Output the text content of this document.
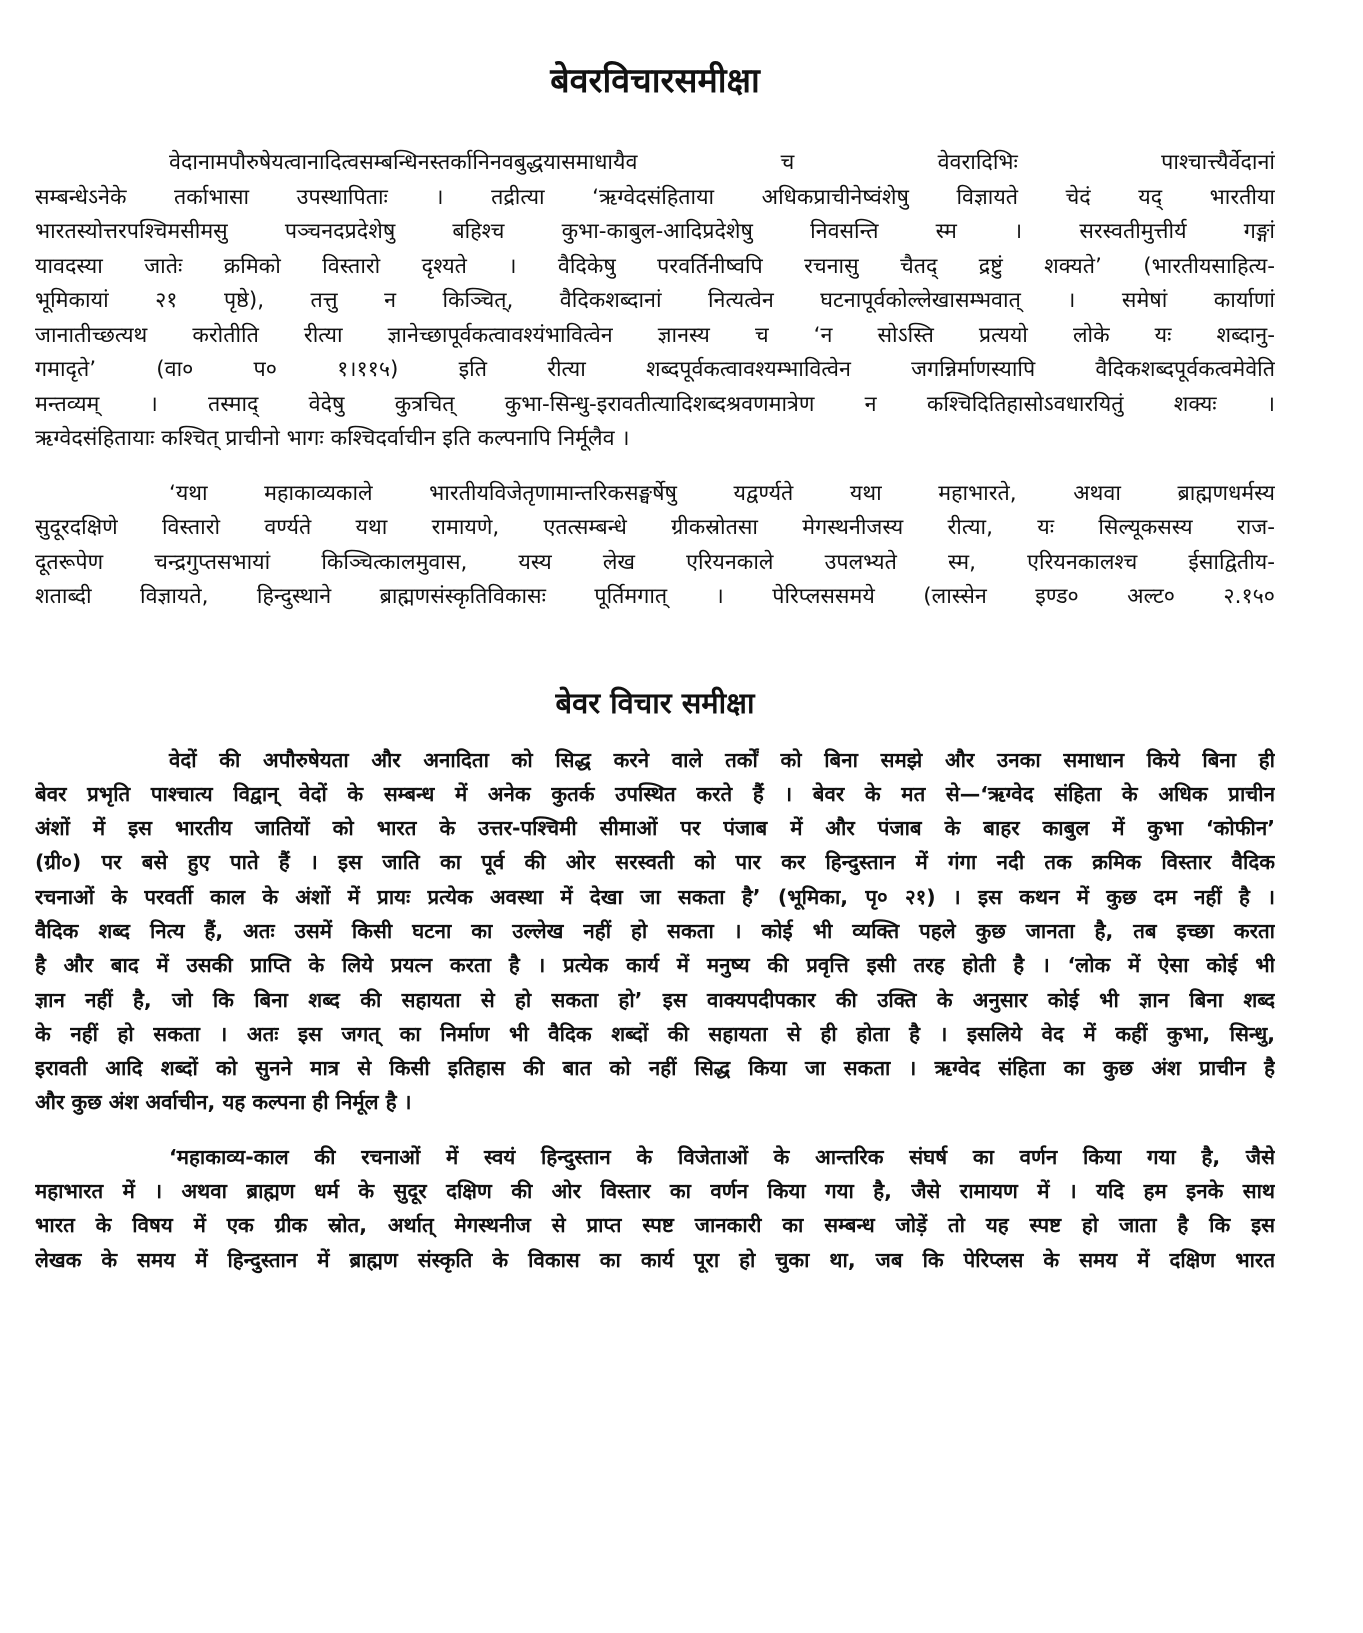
बेवरविचारसमीक्षा
वेदानामपौरुषेयत्वानादित्वसम्बन्धिनस्तर्कानिनवबुद्धयासमाधायैव च वेवरादिभिः पाश्चात्त्यैर्वेदानां
सम्बन्धेऽनेके तर्काभासा उपस्थापिताः । तद्रीत्या ‘ऋग्वेदसंहिताया अधिकप्राचीनेष्वंशेषु विज्ञायते चेदं यद् भारतीया
भारतस्योत्तरपश्चिमसीमसु पञ्चनदप्रदेशेषु बहिश्च कुभा-काबुल-आदिप्रदेशेषु निवसन्ति स्म । सरस्वतीमुत्तीर्य गङ्गां
यावदस्या जातेः क्रमिको विस्तारो दृश्यते । वैदिकेषु परवर्तिनीष्वपि रचनासु चैतद् द्रष्टुं शक्यते’ (भारतीयसाहित्य-
भूमिकायां २१ पृष्ठे), तत्तु न किञ्चित्, वैदिकशब्दानां नित्यत्वेन घटनापूर्वकोल्लेखासम्भवात् । समेषां कार्याणां
जानातीच्छत्यथ करोतीति रीत्या ज्ञानेच्छापूर्वकत्वावश्यंभावित्वेन ज्ञानस्य च ‘न सोऽस्ति प्रत्ययो लोके यः शब्दानु-
गमादृते’ (वा० प० १।११५) इति रीत्या शब्दपूर्वकत्वावश्यम्भावित्वेन जगन्निर्माणस्यापि वैदिकशब्दपूर्वकत्वमेवेति
मन्तव्यम् । तस्माद् वेदेषु कुत्रचित् कुभा-सिन्धु-इरावतीत्यादिशब्दश्रवणमात्रेण न कश्चिदितिहासोऽवधारयितुं शक्यः ।
ऋग्वेदसंहितायाः कश्चित् प्राचीनो भागः कश्चिदर्वाचीन इति कल्पनापि निर्मूलैव ।
‘यथा महाकाव्यकाले भारतीयविजेतृणामान्तरिकसङ्घर्षेषु यद्वर्ण्यते यथा महाभारते, अथवा ब्राह्मणधर्मस्य
सुदूरदक्षिणे विस्तारो वर्ण्यते यथा रामायणे, एतत्सम्बन्धे ग्रीकस्रोतसा मेगस्थनीजस्य रीत्या, यः सिल्यूकसस्य राज-
दूतरूपेण चन्द्रगुप्तसभायां किञ्चित्कालमुवास, यस्य लेख एरियनकाले उपलभ्यते स्म, एरियनकालश्च ईसाद्वितीय-
शताब्दी विज्ञायते, हिन्दुस्थाने ब्राह्मणसंस्कृतिविकासः पूर्तिमगात् । पेरिप्लससमये (लास्सेन इण्ड० अल्ट० २.१५०
बेवर विचार समीक्षा
वेदों की अपौरुषेयता और अनादिता को सिद्ध करने वाले तर्कों को बिना समझे और उनका समाधान किये बिना ही
बेवर प्रभृति पाश्चात्य विद्वान् वेदों के सम्बन्ध में अनेक कुतर्क उपस्थित करते हैं । बेवर के मत से—‘ऋग्वेद संहिता के अधिक प्राचीन
अंशों में इस भारतीय जातियों को भारत के उत्तर-पश्चिमी सीमाओं पर पंजाब में और पंजाब के बाहर काबुल में कुभा ‘कोफीन’
(ग्री०) पर बसे हुए पाते हैं । इस जाति का पूर्व की ओर सरस्वती को पार कर हिन्दुस्तान में गंगा नदी तक क्रमिक विस्तार वैदिक
रचनाओं के परवर्ती काल के अंशों में प्रायः प्रत्येक अवस्था में देखा जा सकता है’ (भूमिका, पृ० २१) । इस कथन में कुछ दम नहीं है ।
वैदिक शब्द नित्य हैं, अतः उसमें किसी घटना का उल्लेख नहीं हो सकता । कोई भी व्यक्ति पहले कुछ जानता है, तब इच्छा करता
है और बाद में उसकी प्राप्ति के लिये प्रयत्न करता है । प्रत्येक कार्य में मनुष्य की प्रवृत्ति इसी तरह होती है । ‘लोक में ऐसा कोई भी
ज्ञान नहीं है, जो कि बिना शब्द की सहायता से हो सकता हो’ इस वाक्यपदीपकार की उक्ति के अनुसार कोई भी ज्ञान बिना शब्द
के नहीं हो सकता । अतः इस जगत् का निर्माण भी वैदिक शब्दों की सहायता से ही होता है । इसलिये वेद में कहीं कुभा, सिन्धु,
इरावती आदि शब्दों को सुनने मात्र से किसी इतिहास की बात को नहीं सिद्ध किया जा सकता । ऋग्वेद संहिता का कुछ अंश प्राचीन है
और कुछ अंश अर्वाचीन, यह कल्पना ही निर्मूल है ।
‘महाकाव्य-काल की रचनाओं में स्वयं हिन्दुस्तान के विजेताओं के आन्तरिक संघर्ष का वर्णन किया गया है, जैसे
महाभारत में । अथवा ब्राह्मण धर्म के सुदूर दक्षिण की ओर विस्तार का वर्णन किया गया है, जैसे रामायण में । यदि हम इनके साथ
भारत के विषय में एक ग्रीक स्रोत, अर्थात् मेगस्थनीज से प्राप्त स्पष्ट जानकारी का सम्बन्ध जोड़ें तो यह स्पष्ट हो जाता है कि इस
लेखक के समय में हिन्दुस्तान में ब्राह्मण संस्कृति के विकास का कार्य पूरा हो चुका था, जब कि पेरिप्लस के समय में दक्षिण भारत
